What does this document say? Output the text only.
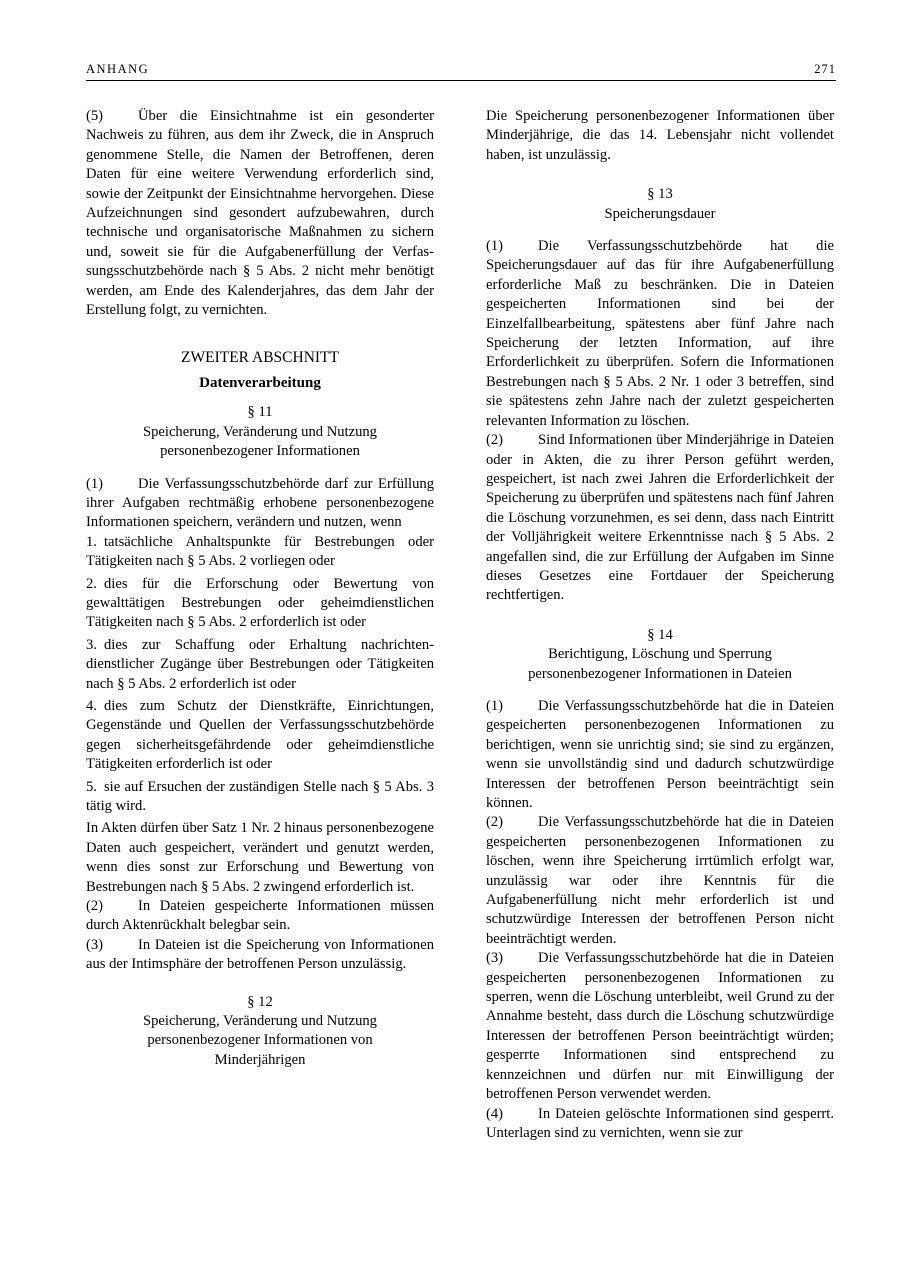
ANHANG	271

(5) Über die Einsichtnahme ist ein gesonderter Nachweis zu führen, aus dem ihr Zweck, die in Anspruch genommene Stelle, die Namen der Betroffenen, deren Daten für eine weitere Verwendung erforderlich sind, sowie der Zeitpunkt der Einsichtnahme hervorgehen. Diese Aufzeichnungen sind gesondert aufzubewahren, durch technische und organisatorische Maßnahmen zu sichern und, soweit sie für die Aufgabenerfüllung der Verfassungsschutzbehörde nach § 5 Abs. 2 nicht mehr benötigt werden, am Ende des Kalenderjahres, das dem Jahr der Erstellung folgt, zu vernichten.

ZWEITER ABSCHNITT
Datenverarbeitung
§ 11
Speicherung, Veränderung und Nutzung
personenbezogener Informationen

(1) Die Verfassungsschutzbehörde darf zur Erfüllung ihrer Aufgaben rechtmäßig erhobene personenbezogene Informationen speichern, verändern und nutzen, wenn

1. tatsächliche Anhaltspunkte für Bestrebungen oder Tätigkeiten nach § 5 Abs. 2 vorliegen oder

2. dies für die Erforschung oder Bewertung von gewalttätigen Bestrebungen oder geheimdienstlichen Tätigkeiten nach § 5 Abs. 2 erforderlich ist oder

3. dies zur Schaffung oder Erhaltung nachrichtendienstlicher Zugänge über Bestrebungen oder Tätigkeiten nach § 5 Abs. 2 erforderlich ist oder

4. dies zum Schutz der Dienstkräfte, Einrichtungen, Gegenstände und Quellen der Verfassungsschutzbehörde gegen sicherheitsgefährdende oder geheimdienstliche Tätigkeiten erforderlich ist oder

5. sie auf Ersuchen der zuständigen Stelle nach § 5 Abs. 3 tätig wird.

In Akten dürfen über Satz 1 Nr. 2 hinaus personenbezogene Daten auch gespeichert, verändert und genutzt werden, wenn dies sonst zur Erforschung und Bewertung von Bestrebungen nach § 5 Abs. 2 zwingend erforderlich ist.

(2) In Dateien gespeicherte Informationen müssen durch Aktenrückhalt belegbar sein.

(3) In Dateien ist die Speicherung von Informationen aus der Intimsphäre der betroffenen Person unzulässig.

§ 12
Speicherung, Veränderung und Nutzung
personenbezogener Informationen von
Minderjährigen

Die Speicherung personenbezogener Informationen über Minderjährige, die das 14. Lebensjahr nicht vollendet haben, ist unzulässig.

§ 13
Speicherungsdauer

(1) Die Verfassungsschutzbehörde hat die Speicherungsdauer auf das für ihre Aufgabenerfüllung erforderliche Maß zu beschränken. Die in Dateien gespeicherten Informationen sind bei der Einzelfallbearbeitung, spätestens aber fünf Jahre nach Speicherung der letzten Information, auf ihre Erforderlichkeit zu überprüfen. Sofern die Informationen Bestrebungen nach § 5 Abs. 2 Nr. 1 oder 3 betreffen, sind sie spätestens zehn Jahre nach der zuletzt gespeicherten relevanten Information zu löschen.

(2) Sind Informationen über Minderjährige in Dateien oder in Akten, die zu ihrer Person geführt werden, gespeichert, ist nach zwei Jahren die Erforderlichkeit der Speicherung zu überprüfen und spätestens nach fünf Jahren die Löschung vorzunehmen, es sei denn, dass nach Eintritt der Volljährigkeit weitere Erkenntnisse nach § 5 Abs. 2 angefallen sind, die zur Erfüllung der Aufgaben im Sinne dieses Gesetzes eine Fortdauer der Speicherung rechtfertigen.

§ 14
Berichtigung, Löschung und Sperrung
personenbezogener Informationen in Dateien

(1) Die Verfassungsschutzbehörde hat die in Dateien gespeicherten personenbezogenen Informationen zu berichtigen, wenn sie unrichtig sind; sie sind zu ergänzen, wenn sie unvollständig sind und dadurch schutzwürdige Interessen der betroffenen Person beeinträchtigt sein können.

(2) Die Verfassungsschutzbehörde hat die in Dateien gespeicherten personenbezogenen Informationen zu löschen, wenn ihre Speicherung irrtümlich erfolgt war, unzulässig war oder ihre Kenntnis für die Aufgabenerfüllung nicht mehr erforderlich ist und schutzwürdige Interessen der betroffenen Person nicht beeinträchtigt werden.

(3) Die Verfassungsschutzbehörde hat die in Dateien gespeicherten personenbezogenen Informationen zu sperren, wenn die Löschung unterbleibt, weil Grund zu der Annahme besteht, dass durch die Löschung schutzwürdige Interessen der betroffenen Person beeinträchtigt würden; gesperrte Informationen sind entsprechend zu kennzeichnen und dürfen nur mit Einwilligung der betroffenen Person verwendet werden.

(4) In Dateien gelöschte Informationen sind gesperrt. Unterlagen sind zu vernichten, wenn sie zur
